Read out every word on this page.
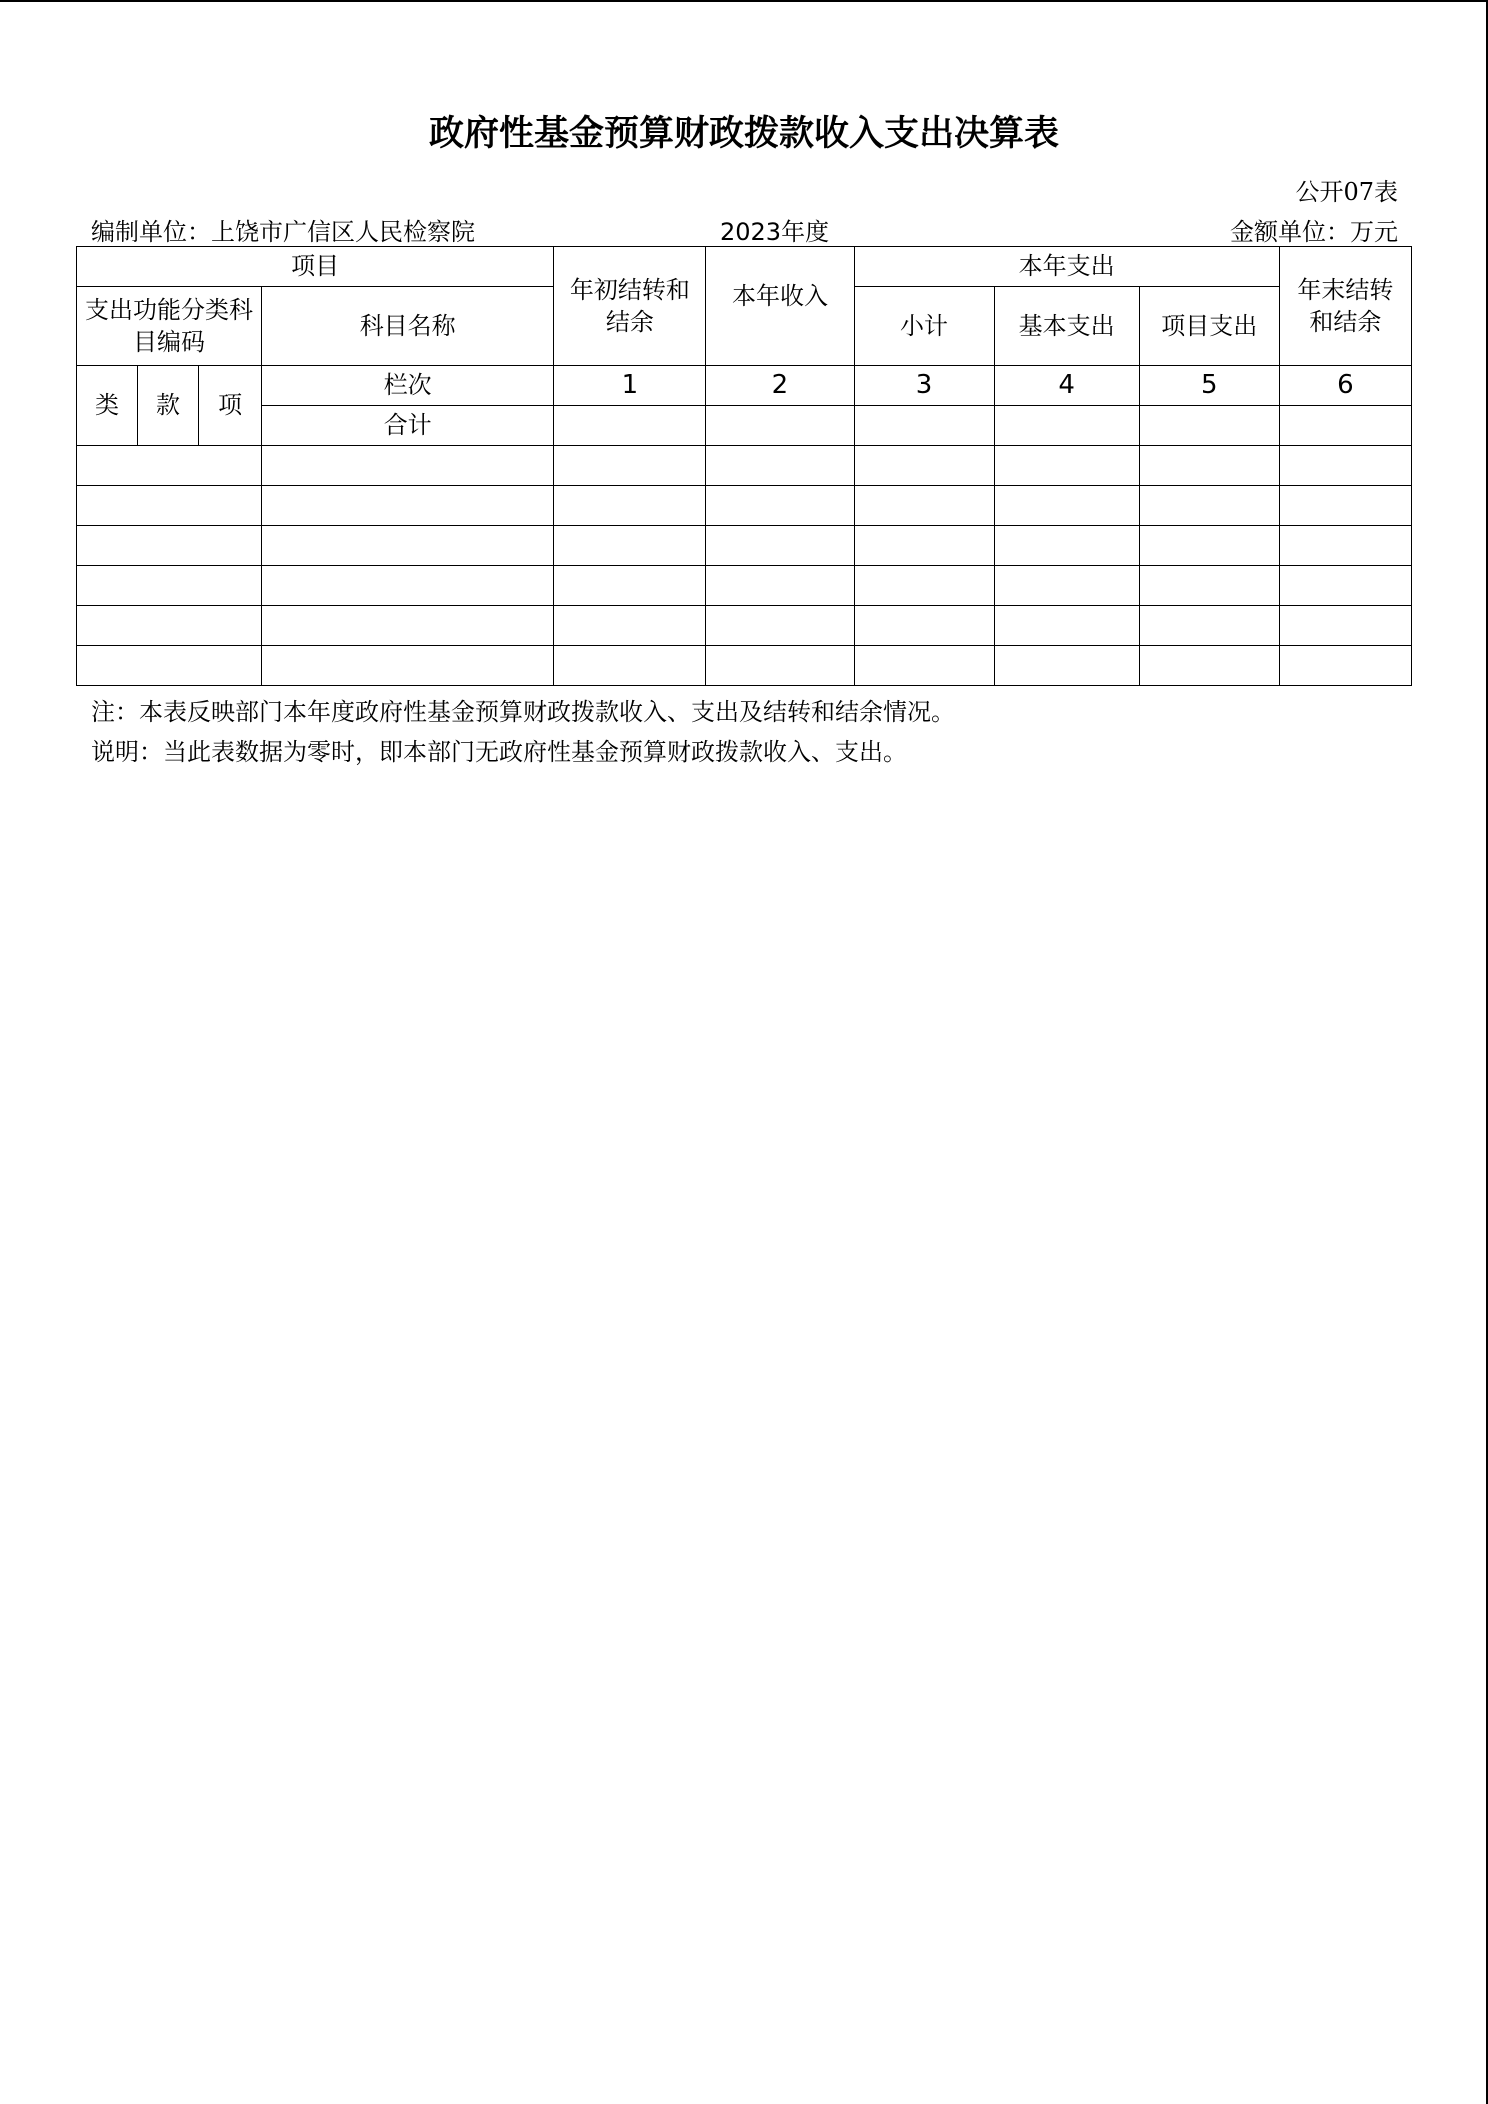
政府性基金预算财政拨款收入支出决算表
公开07表
编制单位：上饶市广信区人民检察院	2023年度	金额单位：万元
项目				年初结转和结余	本年收入	本年支出			年末结转和结余
支出功能分类科目编码			科目名称			小计	基本支出	项目支出	
类	款	项	栏次	1	2	3	4	5	6
			合计						

注：本表反映部门本年度政府性基金预算财政拨款收入、支出及结转和结余情况。
说明：当此表数据为零时，即本部门无政府性基金预算财政拨款收入、支出。
